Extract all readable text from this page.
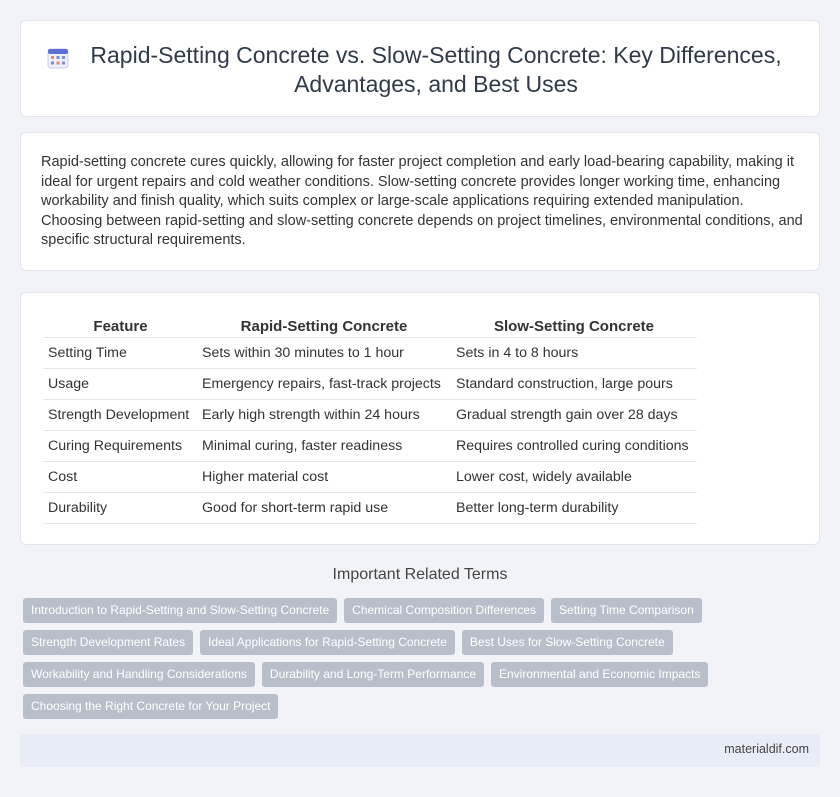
Rapid-Setting Concrete vs. Slow-Setting Concrete: Key Differences, Advantages, and Best Uses

Rapid-setting concrete cures quickly, allowing for faster project completion and early load-bearing capability, making it ideal for urgent repairs and cold weather conditions. Slow-setting concrete provides longer working time, enhancing workability and finish quality, which suits complex or large-scale applications requiring extended manipulation. Choosing between rapid-setting and slow-setting concrete depends on project timelines, environmental conditions, and specific structural requirements.

Feature	Rapid-Setting Concrete	Slow-Setting Concrete
Setting Time	Sets within 30 minutes to 1 hour	Sets in 4 to 8 hours
Usage	Emergency repairs, fast-track projects	Standard construction, large pours
Strength Development	Early high strength within 24 hours	Gradual strength gain over 28 days
Curing Requirements	Minimal curing, faster readiness	Requires controlled curing conditions
Cost	Higher material cost	Lower cost, widely available
Durability	Good for short-term rapid use	Better long-term durability
Important Related Terms
Introduction to Rapid-Setting and Slow-Setting Concrete	Chemical Composition Differences	Setting Time Comparison
Strength Development Rates	Ideal Applications for Rapid-Setting Concrete	Best Uses for Slow-Setting Concrete
Workability and Handling Considerations	Durability and Long-Term Performance	Environmental and Economic Impacts
Choosing the Right Concrete for Your Project
materialdif.com
